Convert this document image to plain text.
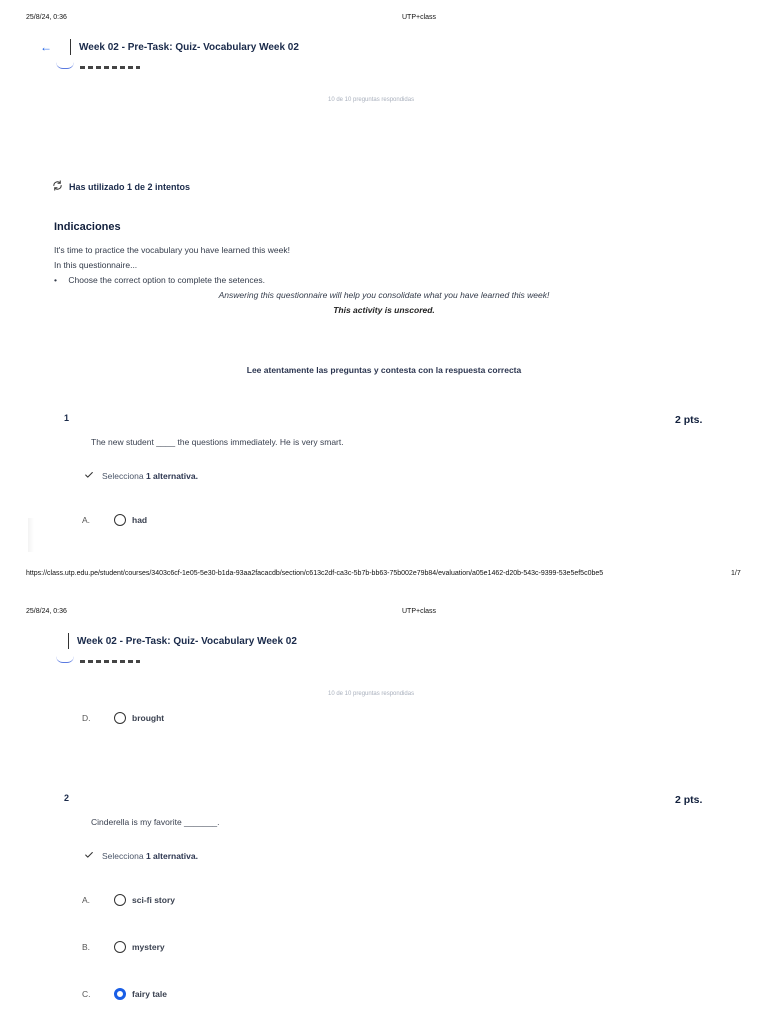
25/8/24, 0:36	UTP+class
←	Week 02 - Pre-Task: Quiz- Vocabulary Week 02
10 de 10 preguntas respondidas
Has utilizado 1 de 2 intentos
Indicaciones
It's time to practice the vocabulary you have learned this week!
In this questionnaire...
• Choose the correct option to complete the setences.
Answering this questionnaire will help you consolidate what you have learned this week!
This activity is unscored.
Lee atentamente las preguntas y contesta con la respuesta correcta
1	2 pts.
The new student ____ the questions immediately. He is very smart.
Selecciona 1 alternativa.
A.	had
https://class.utp.edu.pe/student/courses/3403c6cf-1e05-5e30-b1da-93aa2facacdb/section/c613c2df-ca3c-5b7b-bb63-75b002e79b84/evaluation/a05e1462-d20b-543c-9399-53e5ef5c0be5	1/7
25/8/24, 0:36	UTP+class
Week 02 - Pre-Task: Quiz- Vocabulary Week 02
10 de 10 preguntas respondidas
D.	brought
2	2 pts.
Cinderella is my favorite _______.
Selecciona 1 alternativa.
A.	sci-fi story
B.	mystery
C.	fairy tale
